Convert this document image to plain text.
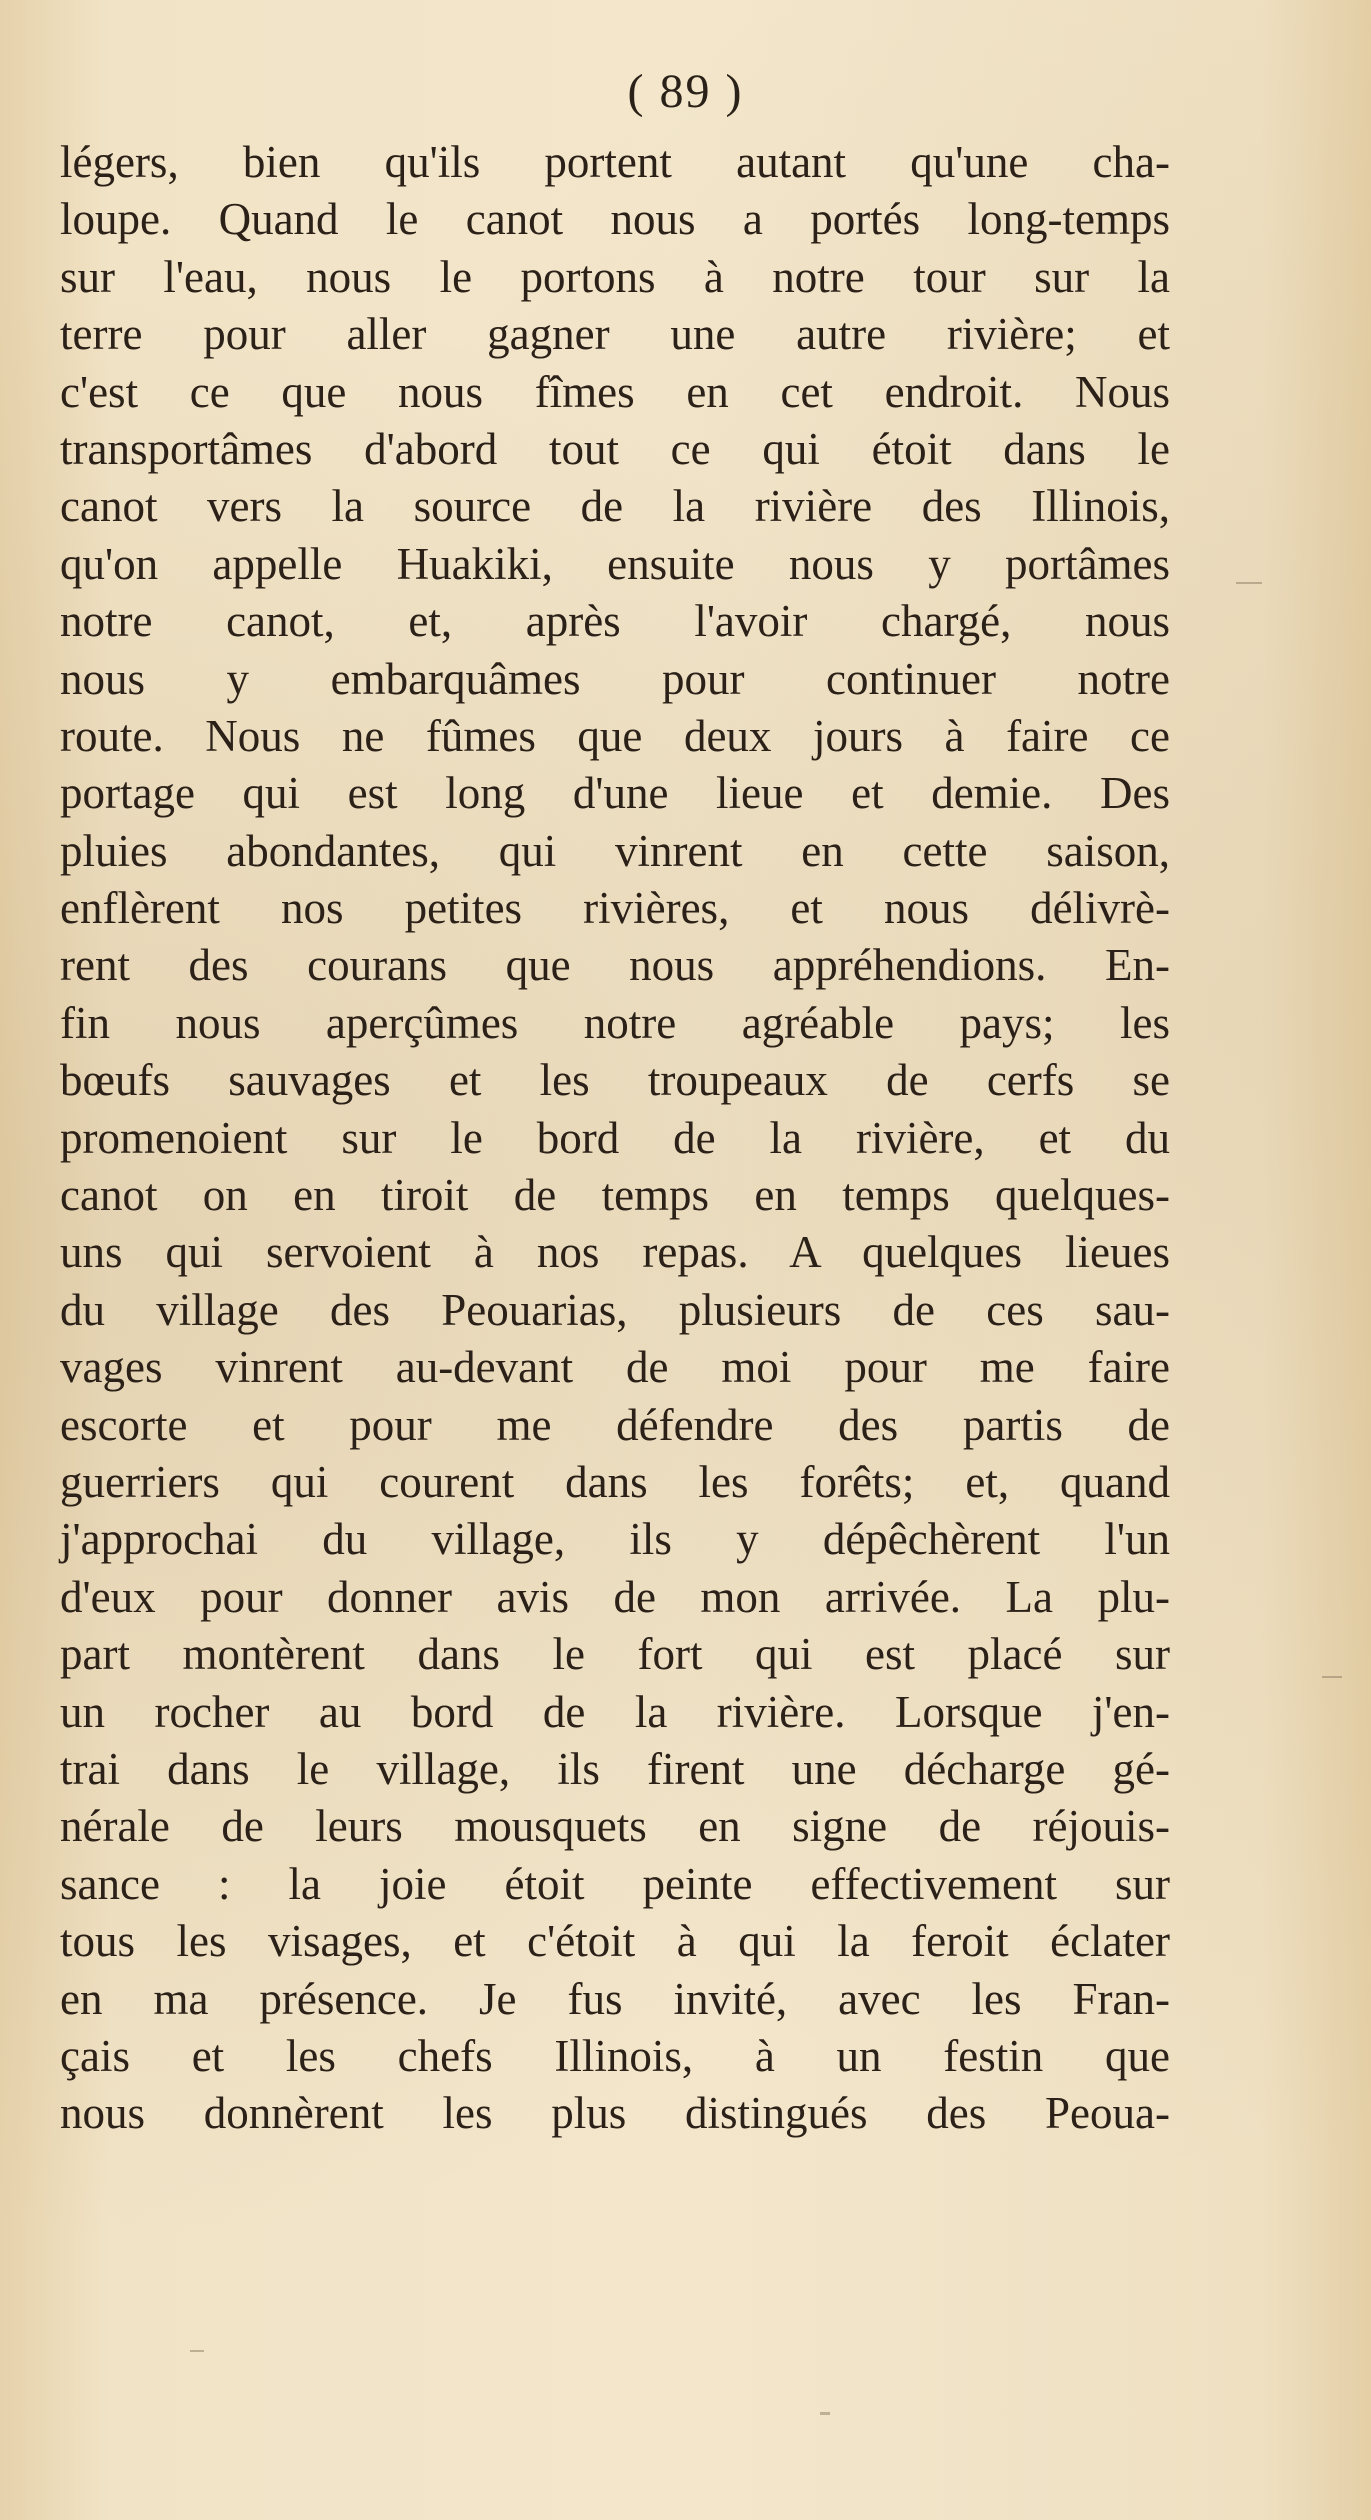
( 89 )
légers, bien qu'ils portent autant qu'une cha-
loupe. Quand le canot nous a portés long-temps
sur l'eau, nous le portons à notre tour sur la
terre pour aller gagner une autre rivière; et
c'est ce que nous fîmes en cet endroit. Nous
transportâmes d'abord tout ce qui étoit dans le
canot vers la source de la rivière des Illinois,
qu'on appelle Huakiki, ensuite nous y portâmes
notre canot, et, après l'avoir chargé, nous
nous y embarquâmes pour continuer notre
route. Nous ne fûmes que deux jours à faire ce
portage qui est long d'une lieue et demie. Des
pluies abondantes, qui vinrent en cette saison,
enflèrent nos petites rivières, et nous délivrè-
rent des courans que nous appréhendions. En-
fin nous aperçûmes notre agréable pays; les
bœufs sauvages et les troupeaux de cerfs se
promenoient sur le bord de la rivière, et du
canot on en tiroit de temps en temps quelques-
uns qui servoient à nos repas. A quelques lieues
du village des Peouarias, plusieurs de ces sau-
vages vinrent au-devant de moi pour me faire
escorte et pour me défendre des partis de
guerriers qui courent dans les forêts; et, quand
j'approchai du village, ils y dépêchèrent l'un
d'eux pour donner avis de mon arrivée. La plu-
part montèrent dans le fort qui est placé sur
un rocher au bord de la rivière. Lorsque j'en-
trai dans le village, ils firent une décharge gé-
nérale de leurs mousquets en signe de réjouis-
sance : la joie étoit peinte effectivement sur
tous les visages, et c'étoit à qui la feroit éclater
en ma présence. Je fus invité, avec les Fran-
çais et les chefs Illinois, à un festin que
nous donnèrent les plus distingués des Peoua-
